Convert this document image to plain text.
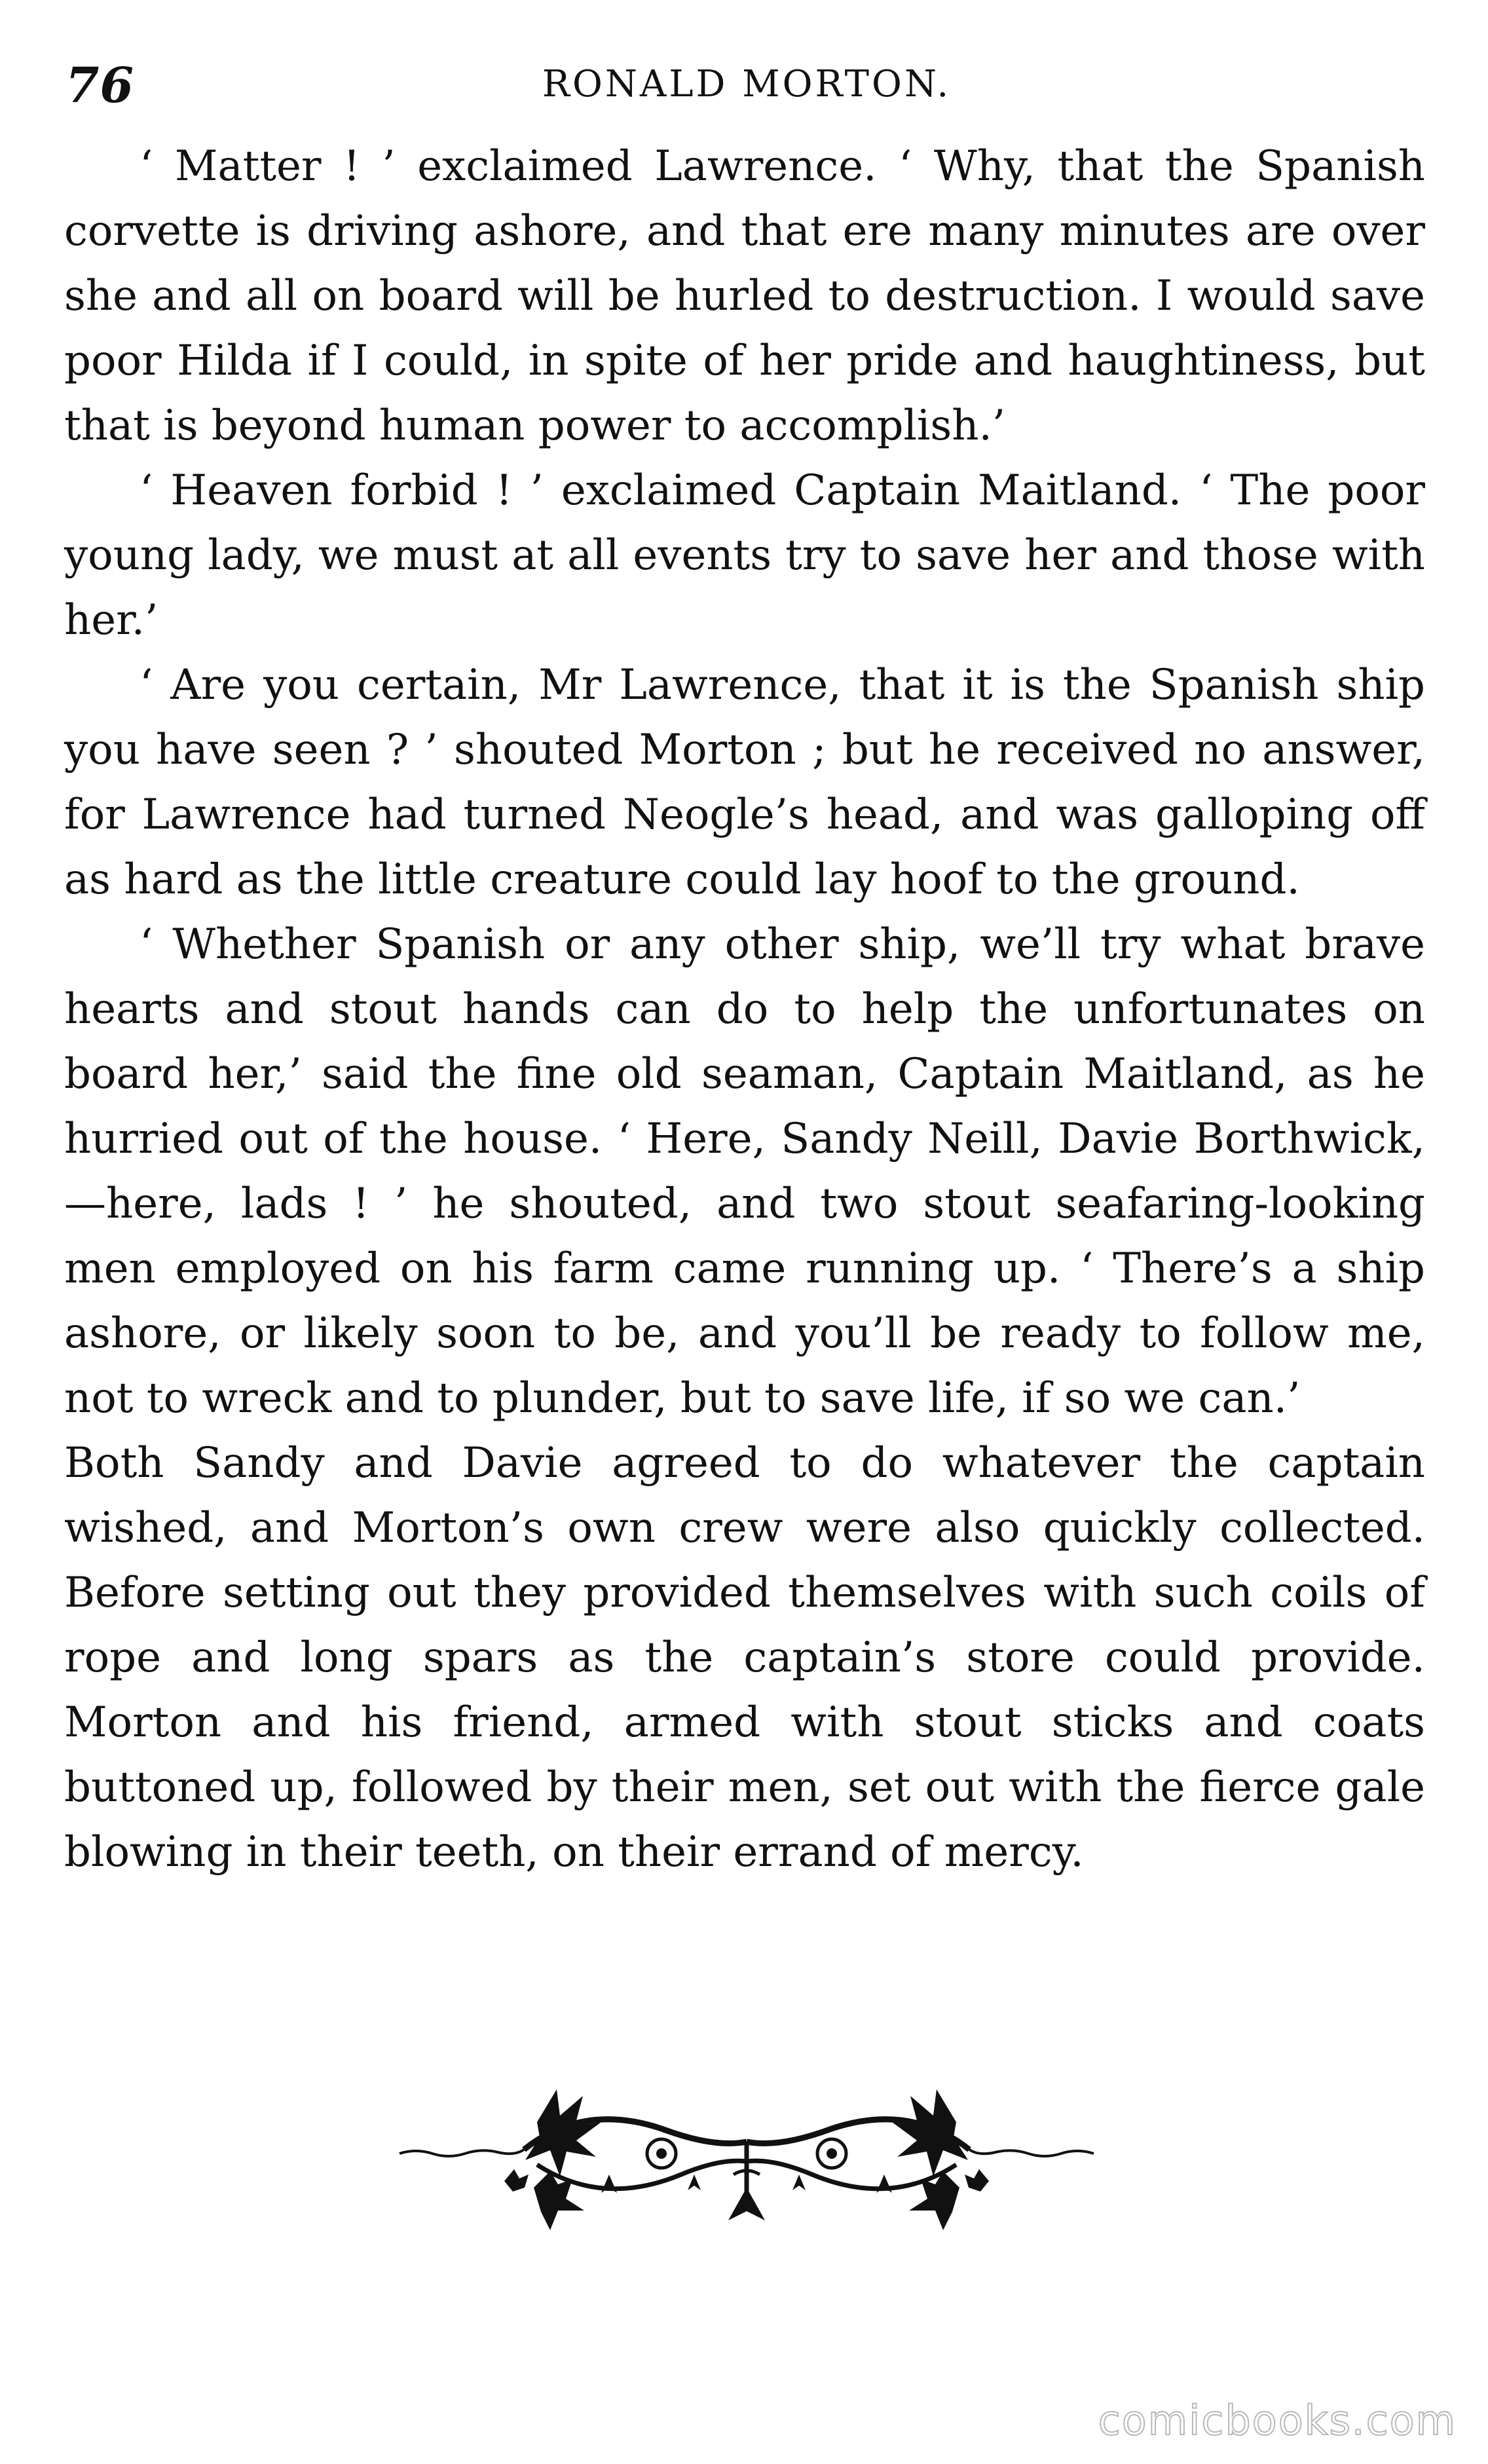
76	RONALD MORTON.

‘ Matter ! ’ exclaimed Lawrence. ‘ Why, that the Spanish corvette is driving ashore, and that ere many minutes are over she and all on board will be hurled to destruction. I would save poor Hilda if I could, in spite of her pride and haughtiness, but that is beyond human power to accomplish.’

‘ Heaven forbid ! ’ exclaimed Captain Maitland. ‘ The poor young lady, we must at all events try to save her and those with her.’

‘ Are you certain, Mr Lawrence, that it is the Spanish ship you have seen ? ’ shouted Morton ; but he received no answer, for Lawrence had turned Neogle’s head, and was galloping off as hard as the little creature could lay hoof to the ground.

‘ Whether Spanish or any other ship, we’ll try what brave hearts and stout hands can do to help the unfortunates on board her,’ said the fine old seaman, Captain Maitland, as he hurried out of the house. ‘ Here, Sandy Neill, Davie Borthwick,—here, lads ! ’ he shouted, and two stout seafaring-looking men employed on his farm came running up. ‘ There’s a ship ashore, or likely soon to be, and you’ll be ready to follow me, not to wreck and to plunder, but to save life, if so we can.’

Both Sandy and Davie agreed to do whatever the captain wished, and Morton’s own crew were also quickly collected. Before setting out they provided themselves with such coils of rope and long spars as the captain’s store could provide. Morton and his friend, armed with stout sticks and coats buttoned up, followed by their men, set out with the fierce gale blowing in their teeth, on their errand of mercy.

comicbooks.com
